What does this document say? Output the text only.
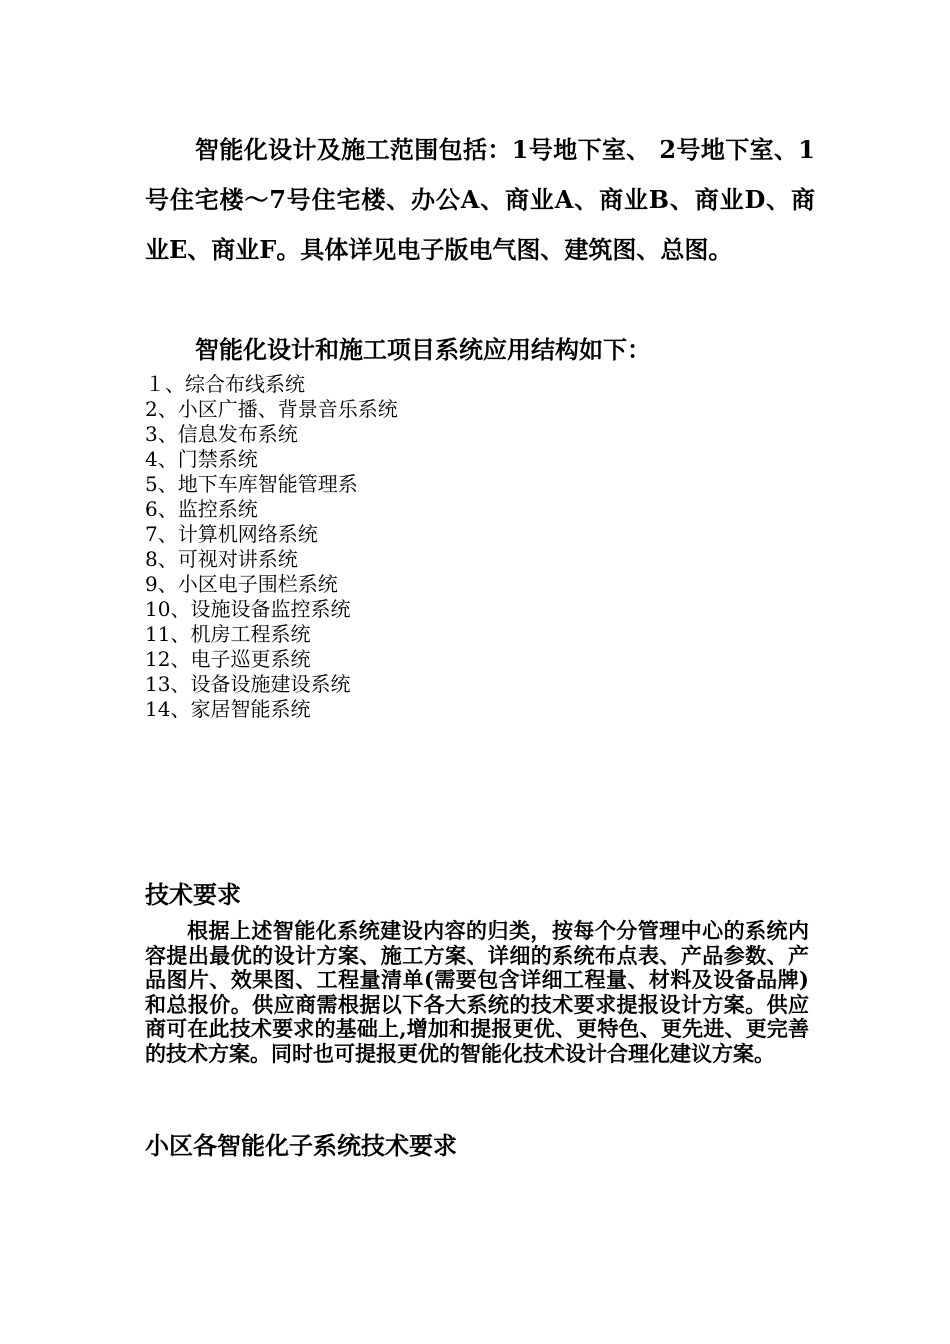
智能化设计及施工范围包括：1号地下室、 2号地下室、1号住宅楼～7号住宅楼、办公A、商业A、商业B、商业D、商业E、商业F。具体详见电子版电气图、建筑图、总图。

智能化设计和施工项目系统应用结构如下：

１、综合布线系统
2、小区广播、背景音乐系统
3、信息发布系统
4、门禁系统
5、地下车库智能管理系
6、监控系统
7、计算机网络系统
8、可视对讲系统
9、小区电子围栏系统
10、设施设备监控系统
11、机房工程系统
12、电子巡更系统
13、设备设施建设系统
14、家居智能系统
技术要求

根据上述智能化系统建设内容的归类，按每个分管理中心的系统内容提出最优的设计方案、施工方案、详细的系统布点表、产品参数、产品图片、效果图、工程量清单(需要包含详细工程量、材料及设备品牌)和总报价。供应商需根据以下各大系统的技术要求提报设计方案。供应商可在此技术要求的基础上,增加和提报更优、更特色、更先进、更完善的技术方案。同时也可提报更优的智能化技术设计合理化建议方案。

小区各智能化子系统技术要求
